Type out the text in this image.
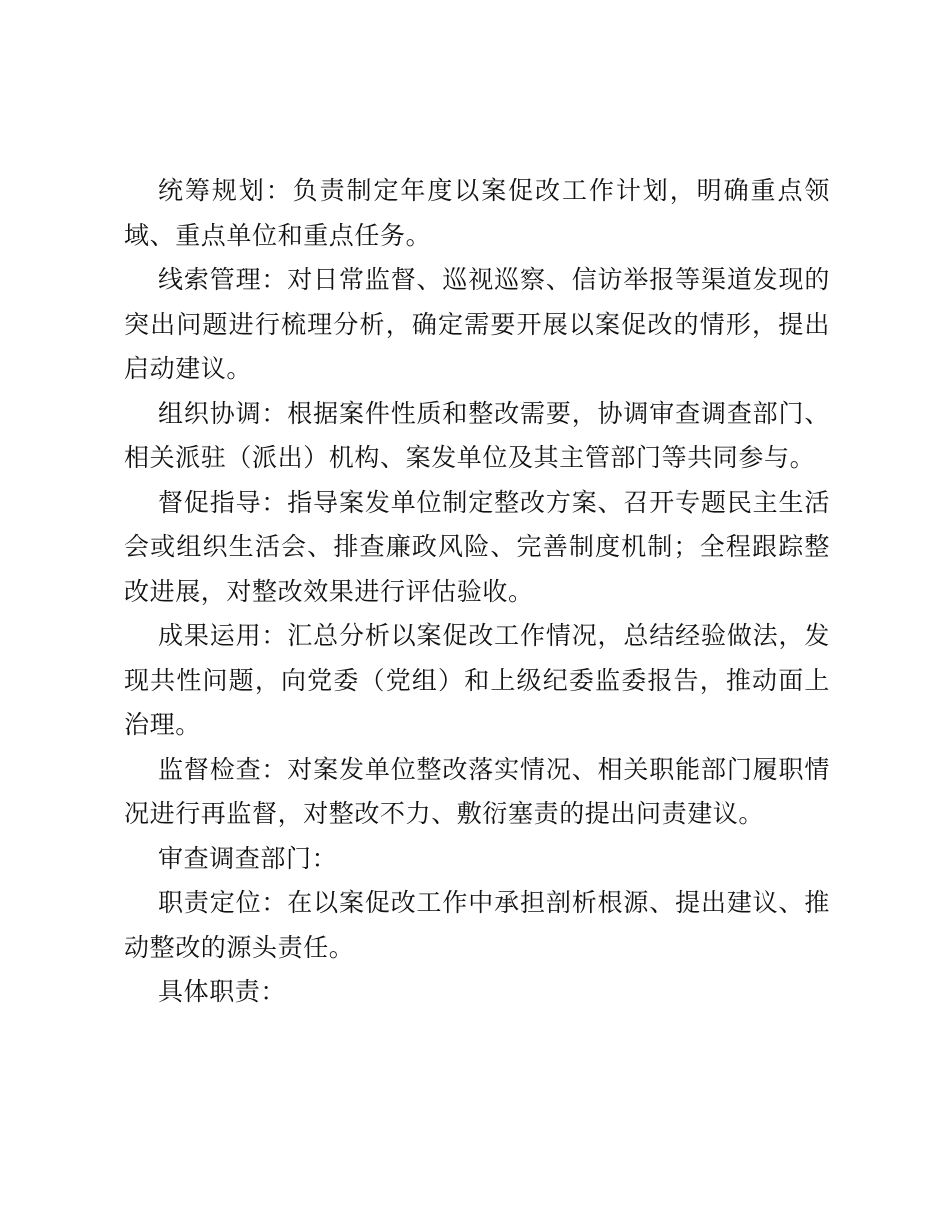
统筹规划：负责制定年度以案促改工作计划，明确重点领域、重点单位和重点任务。

线索管理：对日常监督、巡视巡察、信访举报等渠道发现的突出问题进行梳理分析，确定需要开展以案促改的情形，提出启动建议。

组织协调：根据案件性质和整改需要，协调审查调查部门、相关派驻（派出）机构、案发单位及其主管部门等共同参与。

督促指导：指导案发单位制定整改方案、召开专题民主生活会或组织生活会、排查廉政风险、完善制度机制；全程跟踪整改进展，对整改效果进行评估验收。

成果运用：汇总分析以案促改工作情况，总结经验做法，发现共性问题，向党委（党组）和上级纪委监委报告，推动面上治理。

监督检查：对案发单位整改落实情况、相关职能部门履职情况进行再监督，对整改不力、敷衍塞责的提出问责建议。

审查调查部门：

职责定位：在以案促改工作中承担剖析根源、提出建议、推动整改的源头责任。

具体职责：
